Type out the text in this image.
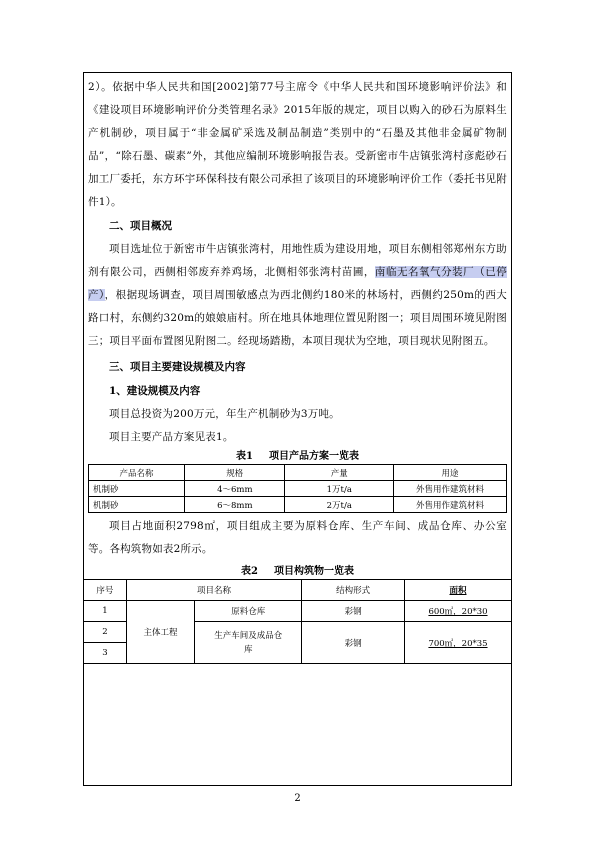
2）。依据中华人民共和国[2002]第77号主席令《中华人民共和国环境影响评价法》和《建设项目环境影响评价分类管理名录》2015年版的规定，项目以购入的砂石为原料生产机制砂，项目属于“非金属矿采选及制品制造”类别中的“石墨及其他非金属矿物制品”，“除石墨、碳素”外，其他应编制环境影响报告表。受新密市牛店镇张湾村彦彪砂石加工厂委托，东方环宇环保科技有限公司承担了该项目的环境影响评价工作（委托书见附件1）。

二、项目概况

项目选址位于新密市牛店镇张湾村，用地性质为建设用地，项目东侧相邻郑州东方助剂有限公司，西侧相邻废弃养鸡场，北侧相邻张湾村苗圃，南临无名氧气分装厂（已停产），根据现场调查，项目周围敏感点为西北侧约180米的林场村，西侧约250m的西大路口村，东侧约320m的娘娘庙村。所在地具体地理位置见附图一；项目周围环境见附图三；项目平面布置图见附图二。经现场踏勘，本项目现状为空地，项目现状见附图五。

三、项目主要建设规模及内容
1、建设规模及内容

项目总投资为200万元，年生产机制砂为3万吨。

项目主要产品方案见表1。

表1 项目产品方案一览表
产品名称	规格	产量	用途
机制砂	4～6mm	1万t/a	外售用作建筑材料
机制砂	6～8mm	2万t/a	外售用作建筑材料

项目占地面积2798㎡，项目组成主要为原料仓库、生产车间、成品仓库、办公室等。各构筑物如表2所示。

表2 项目构筑物一览表
序号	项目名称		结构形式	面积
1	主体工程	原料仓库	彩钢	600㎡，20*30
2		生产车间及成品仓库	彩钢	700㎡，20*35
3				
2
